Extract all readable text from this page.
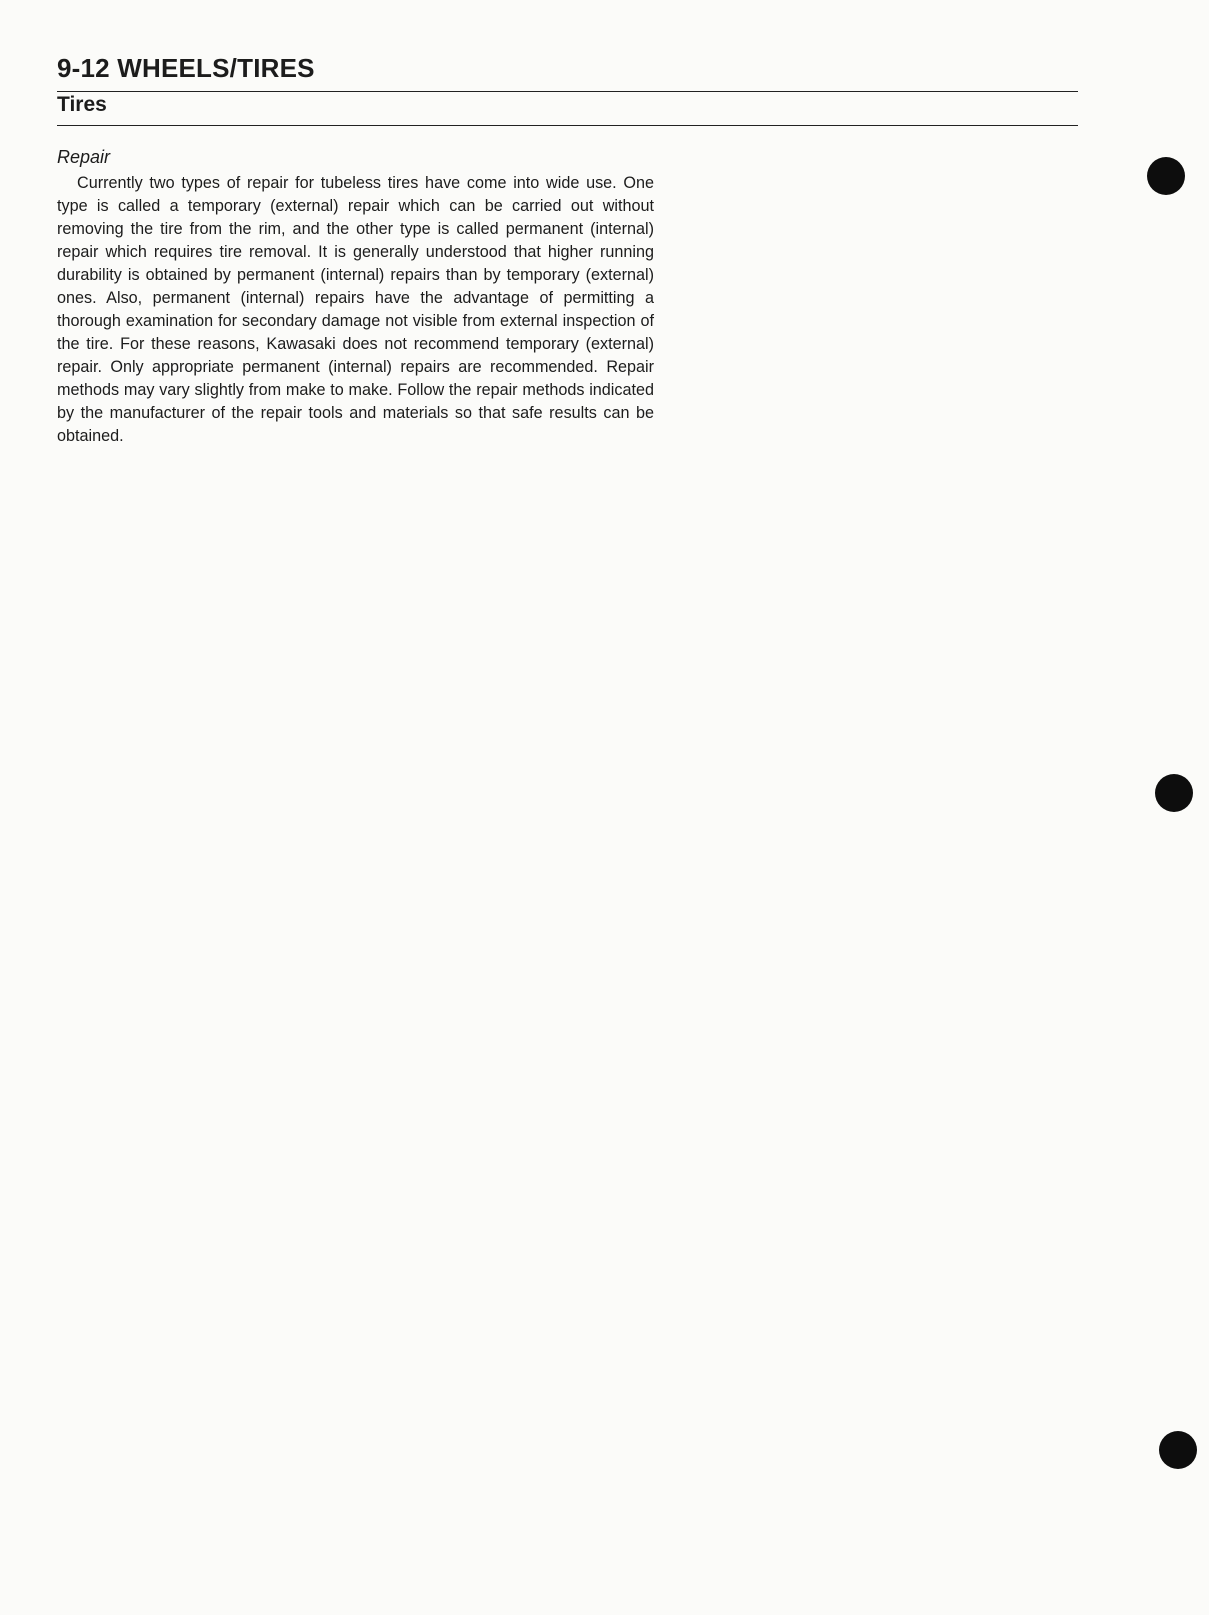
9-12 WHEELS/TIRES
Tires
Repair

Currently two types of repair for tubeless tires have come into wide use. One type is called a temporary (external) repair which can be carried out without removing the tire from the rim, and the other type is called permanent (internal) repair which requires tire removal. It is generally understood that higher running durability is obtained by permanent (internal) repairs than by temporary (external) ones. Also, permanent (internal) repairs have the advantage of permitting a thorough examination for secondary damage not visible from external inspection of the tire. For these reasons, Kawasaki does not recommend temporary (external) repair. Only appropriate permanent (internal) repairs are recommended. Repair methods may vary slightly from make to make. Follow the repair methods indicated by the manufacturer of the repair tools and materials so that safe results can be obtained.
